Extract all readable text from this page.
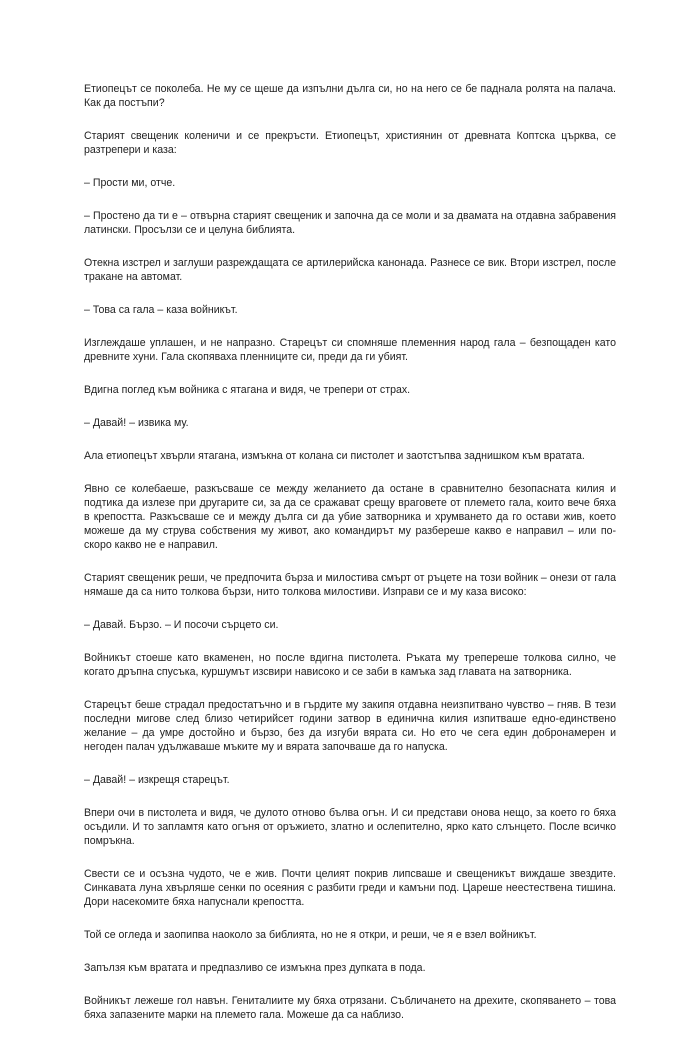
Етиопецът се поколеба. Не му се щеше да изпълни дълга си, но на него се бе паднала ролята на палача. Как да постъпи?

Старият свещеник коленичи и се прекръсти. Етиопецът, християнин от древната Коптска църква, се разтрепери и каза:

– Прости ми, отче.

– Простено да ти е – отвърна старият свещеник и започна да се моли и за двамата на отдавна забравения латински. Просълзи се и целуна библията.

Отекна изстрел и заглуши разреждащата се артилерийска канонада. Разнесе се вик. Втори изстрел, после тракане на автомат.

– Това са гала – каза войникът.

Изглеждаше уплашен, и не напразно. Старецът си спомняше племенния народ гала – безпощаден като древните хуни. Гала скопяваха пленниците си, преди да ги убият.

Вдигна поглед към войника с ятагана и видя, че трепери от страх.

– Давай! – извика му.

Ала етиопецът хвърли ятагана, измъкна от колана си пистолет и заотстъпва заднишком към вратата.

Явно се колебаеше, разкъсваше се между желанието да остане в сравнително безопасната килия и подтика да излезе при другарите си, за да се сражават срещу враговете от племето гала, които вече бяха в крепостта. Разкъсваше се и между дълга си да убие затворника и хрумването да го остави жив, което можеше да му струва собствения му живот, ако командирът му разбереше какво е направил – или по-скоро какво не е направил.

Старият свещеник реши, че предпочита бърза и милостива смърт от ръцете на този войник – онези от гала нямаше да са нито толкова бързи, нито толкова милостиви. Изправи се и му каза високо:

– Давай. Бързо. – И посочи сърцето си.

Войникът стоеше като вкаменен, но после вдигна пистолета. Ръката му трепереше толкова силно, че когато дръпна спусъка, куршумът изсвири нависоко и се заби в камъка зад главата на затворника.

Старецът беше страдал предостатъчно и в гърдите му закипя отдавна неизпитвано чувство – гняв. В тези последни мигове след близо четирийсет години затвор в единична килия изпитваше едно-единствено желание – да умре достойно и бързо, без да изгуби вярата си. Но ето че сега един добронамерен и негоден палач удължаваше мъките му и вярата започваше да го напуска.

– Давай! – изкрещя старецът.

Впери очи в пистолета и видя, че дулото отново бълва огън. И си представи онова нещо, за което го бяха осъдили. И то запламтя като огъня от оръжието, златно и ослепително, ярко като слънцето. После всичко помръкна.

Свести се и осъзна чудото, че е жив. Почти целият покрив липсваше и свещеникът виждаше звездите. Синкавата луна хвърляше сенки по осеяния с разбити греди и камъни под. Цареше неестествена тишина. Дори насекомите бяха напуснали крепостта.

Той се огледа и заопипва наоколо за библията, но не я откри, и реши, че я е взел войникът.

Запълзя към вратата и предпазливо се измъкна през дупката в пода.

Войникът лежеше гол навън. Гениталиите му бяха отрязани. Събличането на дрехите, скопяването – това бяха запазените марки на племето гала. Можеше да са наблизо.
